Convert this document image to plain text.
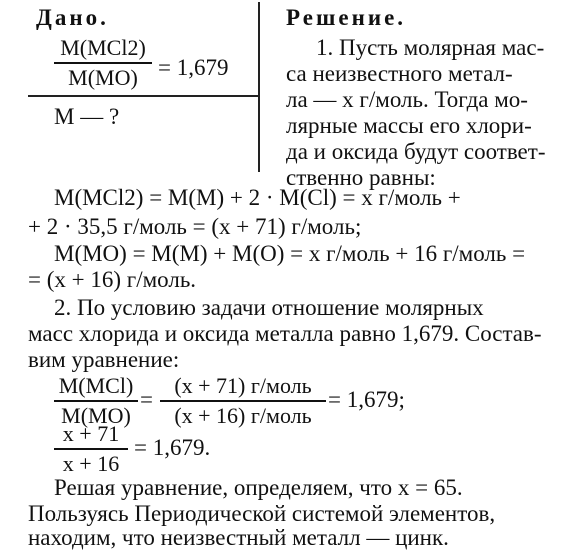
Дано.
M(MCl2)
M(MO) = 1,679
M — ?
Решение.
1. Пусть молярная мас-
са неизвестного метал-
ла — x г/моль. Тогда мо-
лярные массы его хлори-
да и оксида будут соответ-
ственно равны:
M(MCl2) = M(M) + 2 · M(Cl) = x г/моль +
+ 2 · 35,5 г/моль = (x + 71) г/моль;
M(MO) = M(M) + M(O) = x г/моль + 16 г/моль =
= (x + 16) г/моль.
2. По условию задачи отношение молярных
масс хлорида и оксида металла равно 1,679. Состав-
вим уравнение:
M(MCl)
M(MO)
=
(x + 71) г/моль
(x + 16) г/моль
= 1,679;
x + 71
x + 16
= 1,679.
Решая уравнение, определяем, что x = 65.
Пользуясь Периодической системой элементов,
находим, что неизвестный металл — цинк.
